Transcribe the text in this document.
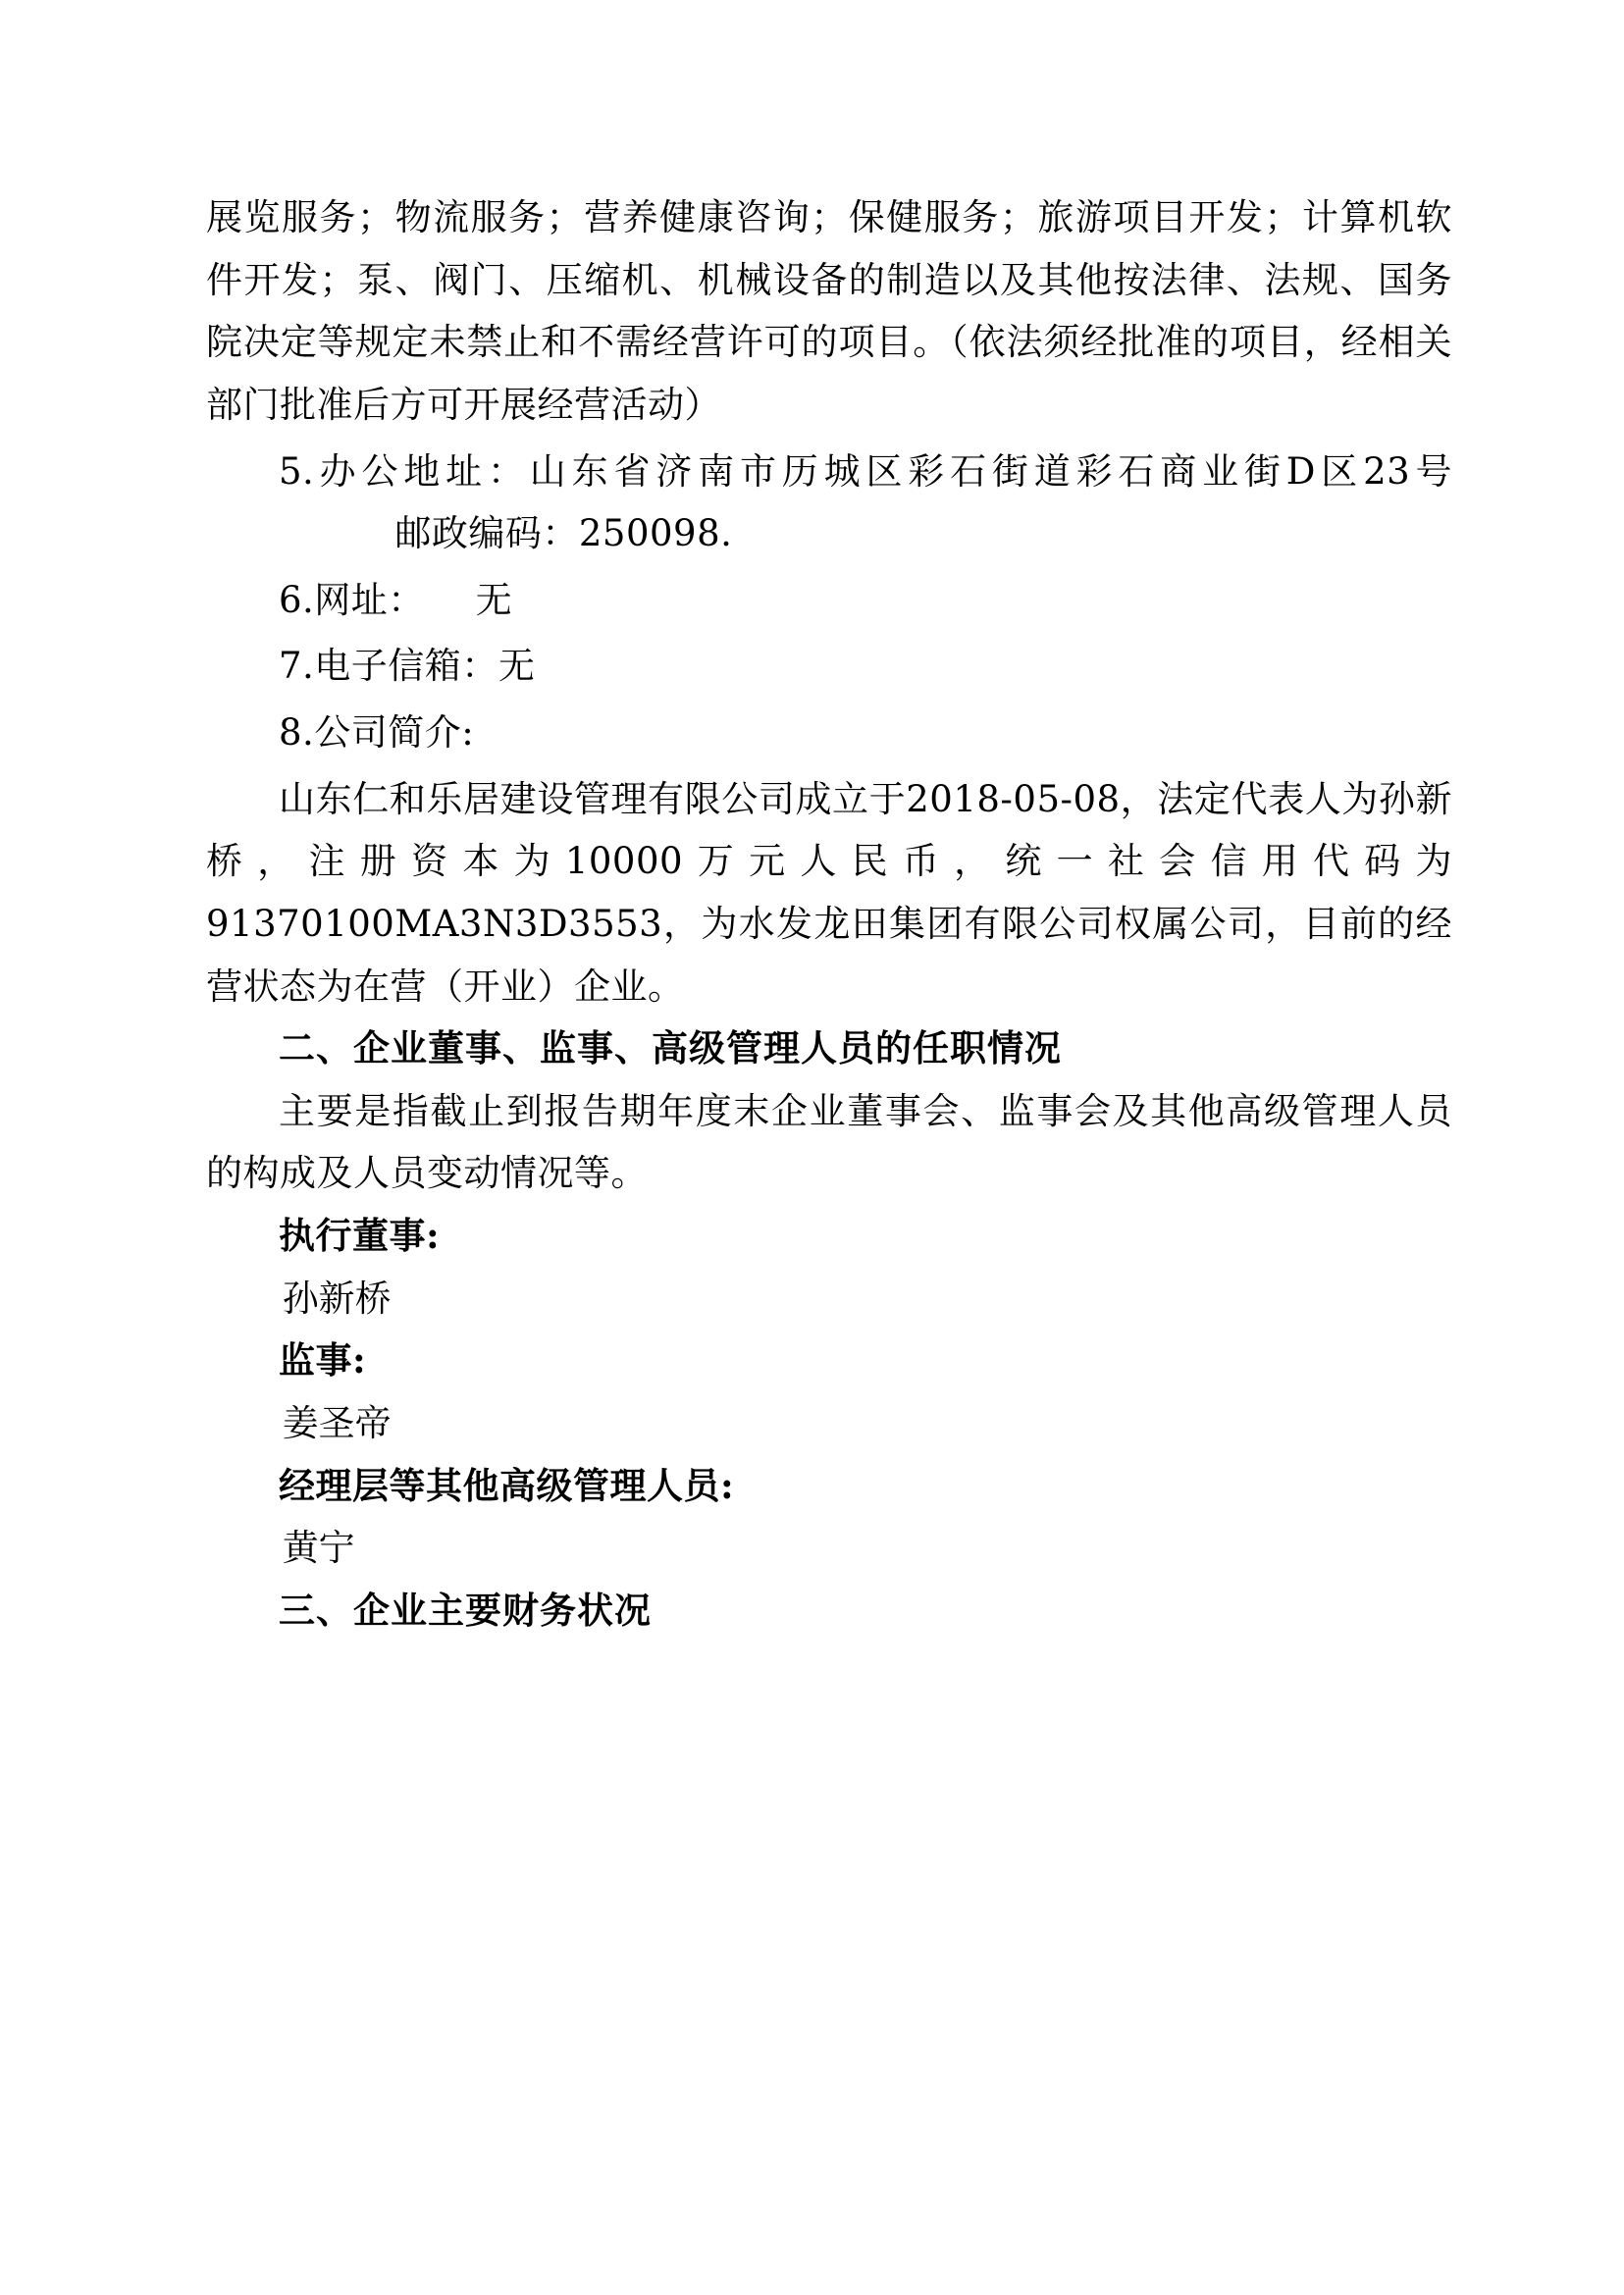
展览服务；物流服务；营养健康咨询；保健服务；旅游项目开发；计算机软件开发；泵、阀门、压缩机、机械设备的制造以及其他按法律、法规、国务院决定等规定未禁止和不需经营许可的项目。（依法须经批准的项目，经相关部门批准后方可开展经营活动）

5.办公地址：山东省济南市历城区彩石街道彩石商业街D区23号邮政编码：250098.

6.网址： 无

7.电子信箱：无

8.公司简介:

山东仁和乐居建设管理有限公司成立于2018-05-08，法定代表人为孙新桥，注册资本为10000万元人民币，统一社会信用代码为91370100MA3N3D3553，为水发龙田集团有限公司权属公司，目前的经营状态为在营（开业）企业。

二、企业董事、监事、高级管理人员的任职情况

主要是指截止到报告期年度末企业董事会、监事会及其他高级管理人员的构成及人员变动情况等。

执行董事:

孙新桥

监事:

姜圣帝

经理层等其他高级管理人员:

黄宁

三、企业主要财务状况
